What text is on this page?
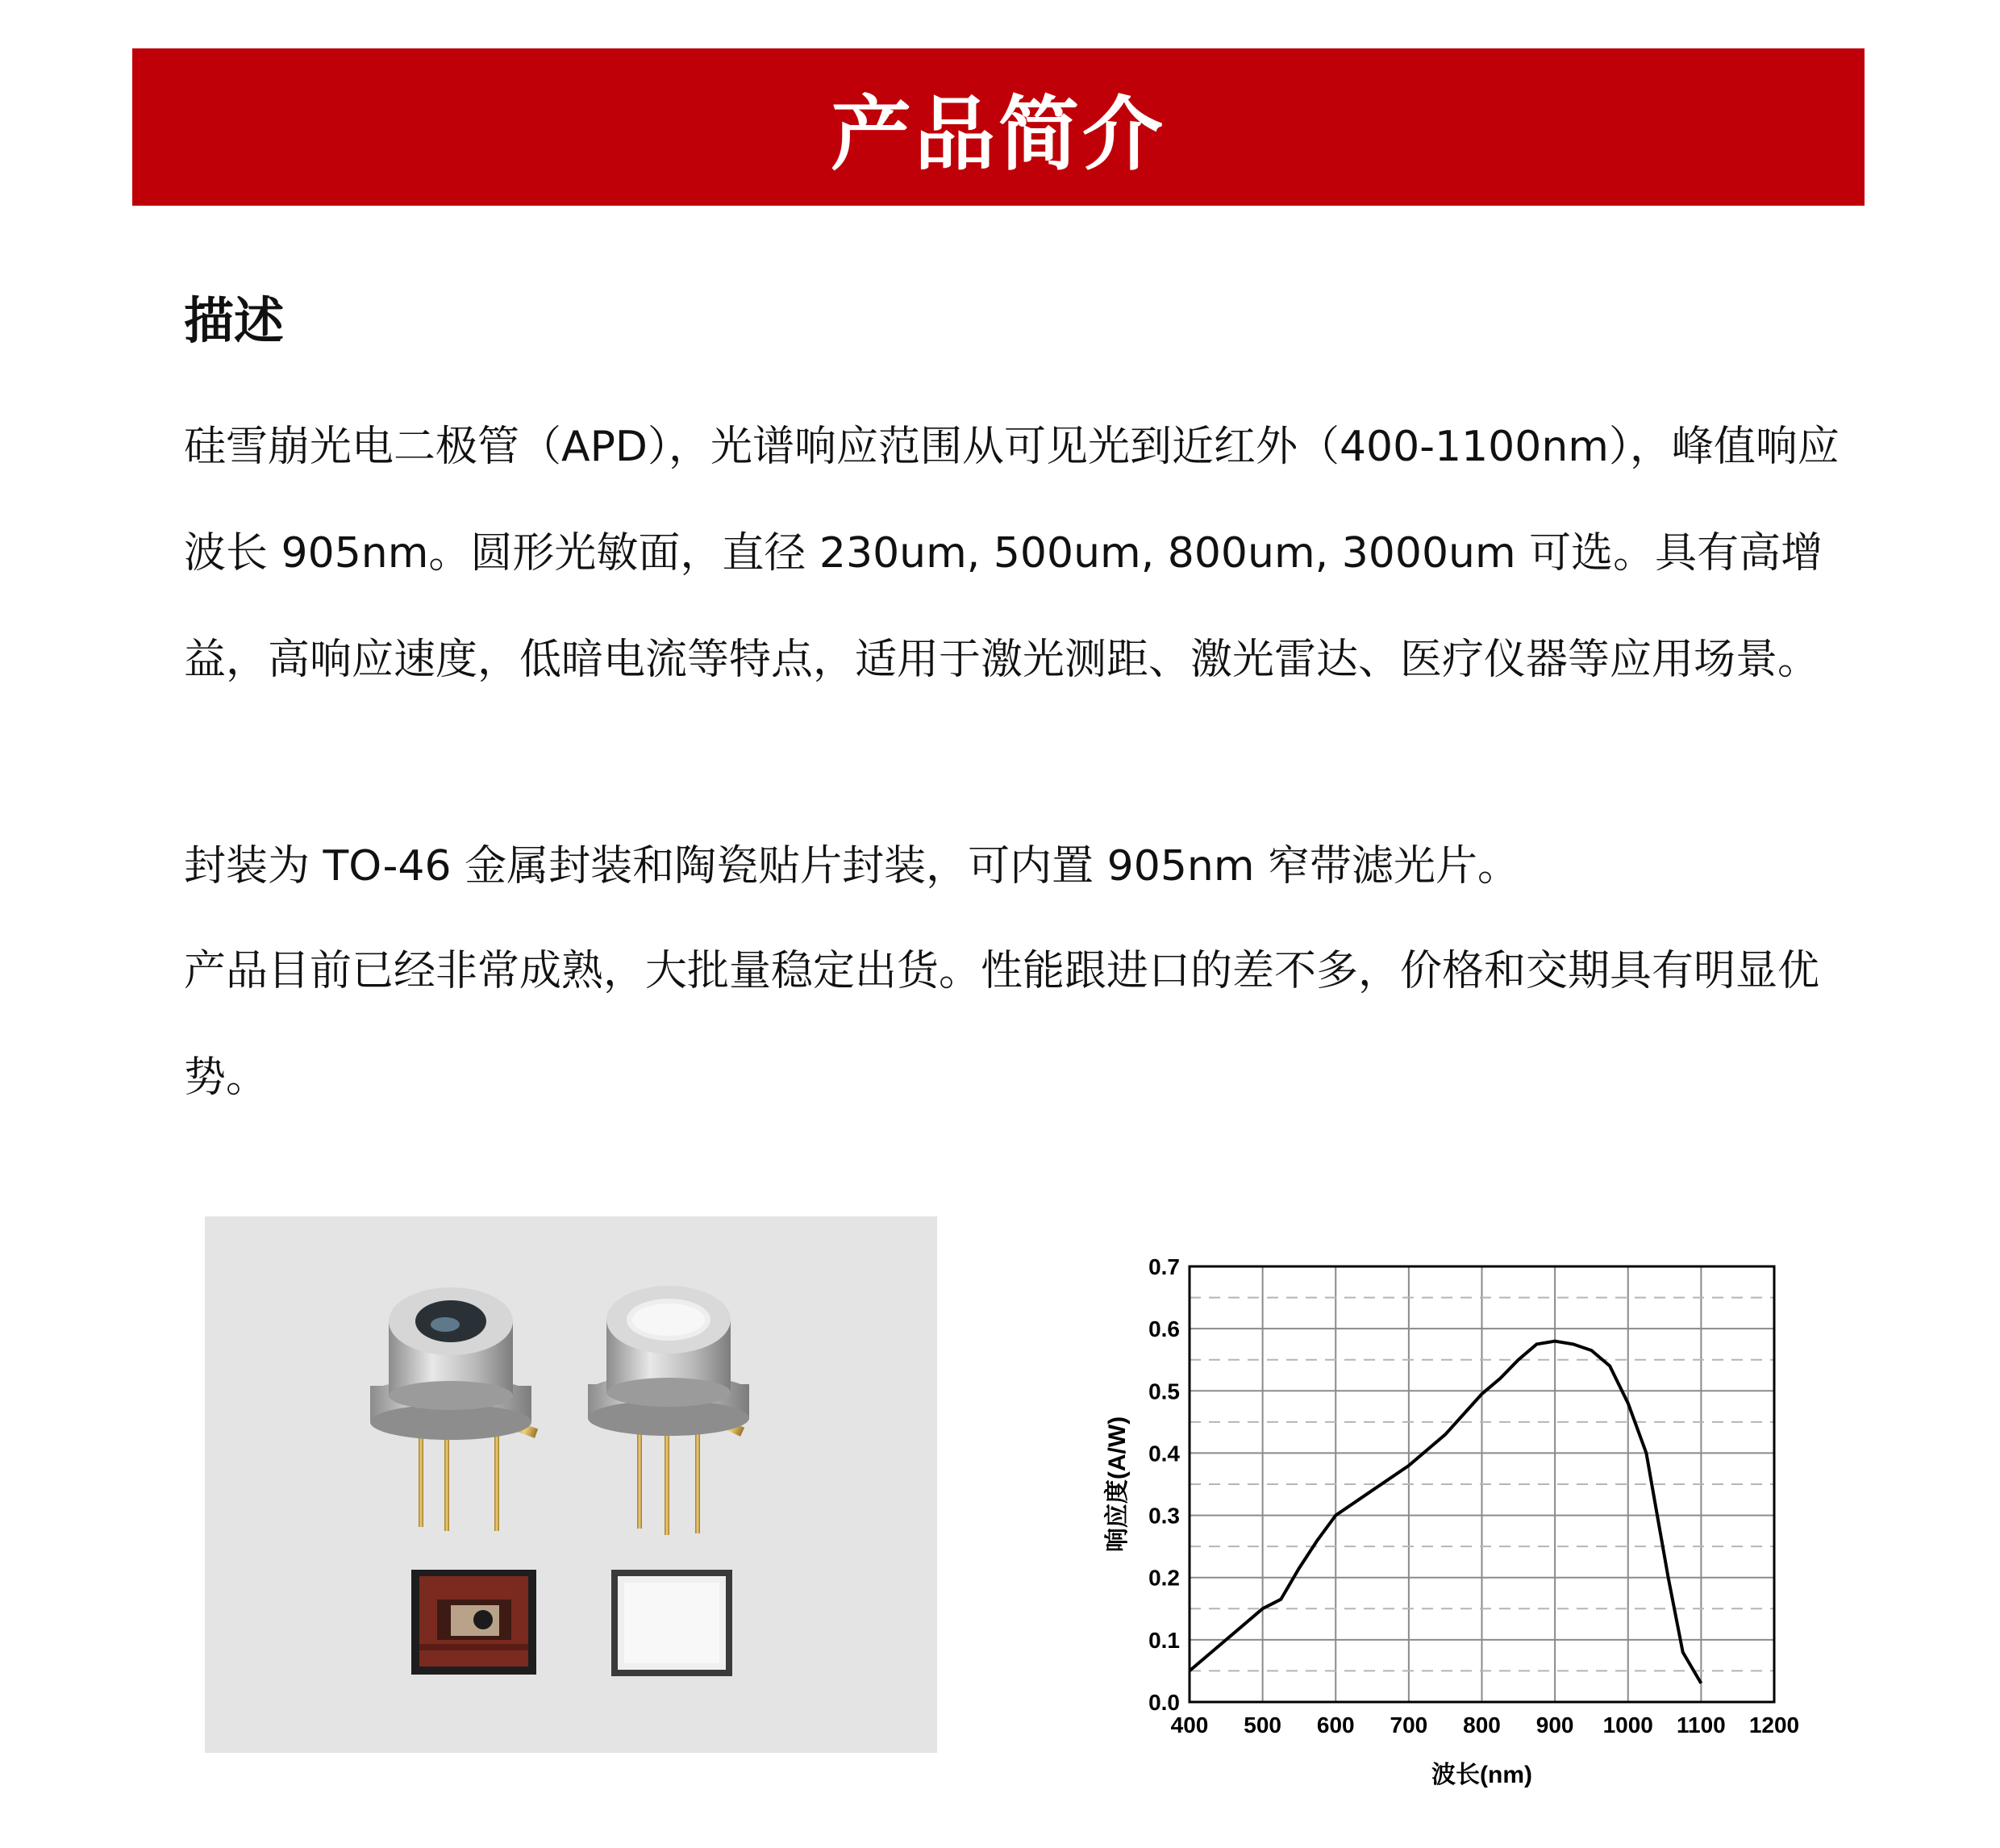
产品简介
描述

硅雪崩光电二极管（APD），光谱响应范围从可见光到近红外（400-1100nm），峰值响应波长 905nm。圆形光敏面，直径 230um, 500um, 800um, 3000um 可选。具有高增益，高响应速度，低暗电流等特点，适用于激光测距、激光雷达、医疗仪器等应用场景。

封装为 TO-46 金属封装和陶瓷贴片封装，可内置 905nm 窄带滤光片。

产品目前已经非常成熟，大批量稳定出货。性能跟进口的差不多，价格和交期具有明显优势。

400 500 600 700 800 900 1000 1100 1200
0.0
0.1
0.2
0.3
0.4
0.5
0.6
0.7
波长(nm)
响应度(A/W)
